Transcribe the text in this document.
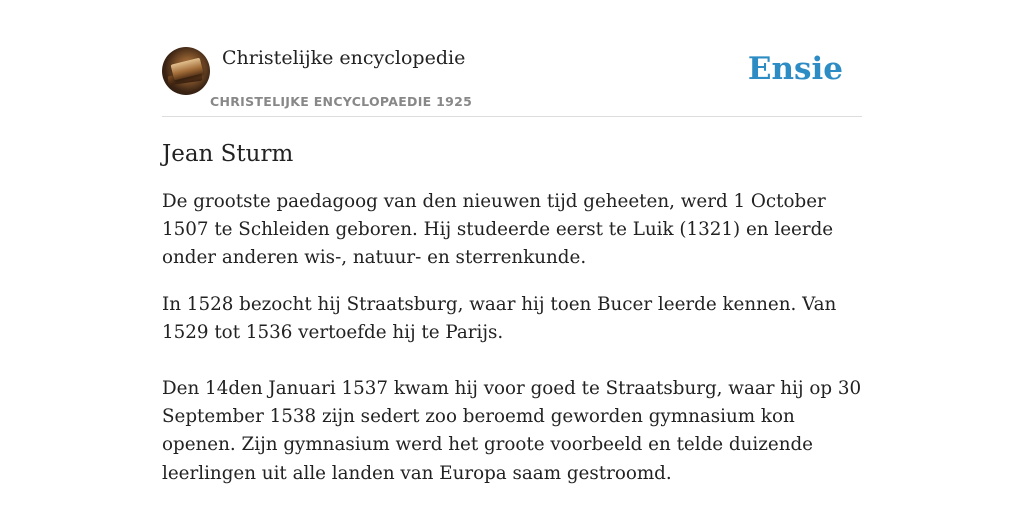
Christelijke encyclopedie
CHRISTELIJKE ENCYCLOPAEDIE 1925
Ensie
Jean Sturm

De grootste paedagoog van den nieuwen tijd geheeten, werd 1 October 1507 te Schleiden geboren. Hij studeerde eerst te Luik (1321) en leerde onder anderen wis-, natuur- en sterrenkunde.

In 1528 bezocht hij Straatsburg, waar hij toen Bucer leerde kennen. Van 1529 tot 1536 vertoefde hij te Parijs.

Den 14den Januari 1537 kwam hij voor goed te Straatsburg, waar hij op 30 September 1538 zijn sedert zoo beroemd geworden gymnasium kon openen. Zijn gymnasium werd het groote voorbeeld en telde duizende leerlingen uit alle landen van Europa saam gestroomd.
